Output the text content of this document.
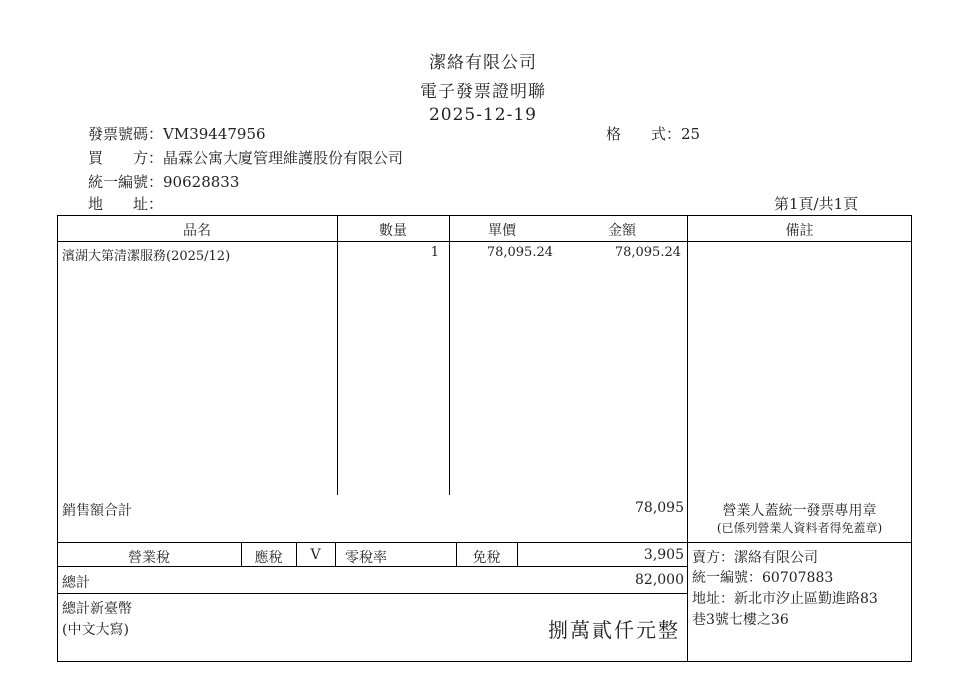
潔絡有限公司
電子發票證明聯
2025-12-19
發票號碼：VM39447956	格　　式：25
買　　方：晶霖公寓大廈管理維護股份有限公司
統一編號：90628833
地　　址：	第1頁/共1頁
品名	數量	單價	金額	備註
濱湖大第清潔服務(2025/12)	1	78,095.24	78,095.24
銷售額合計	78,095	營業人蓋統一發票專用章
(已係列營業人資料者得免蓋章)
營業稅	應稅	V	零稅率	免稅	3,905
總計	82,000
總計新臺幣
(中文大寫)	捌萬貳仟元整
賣方：潔絡有限公司
統一編號：60707883
地址：新北市汐止區勤進路83
巷3號七樓之36
